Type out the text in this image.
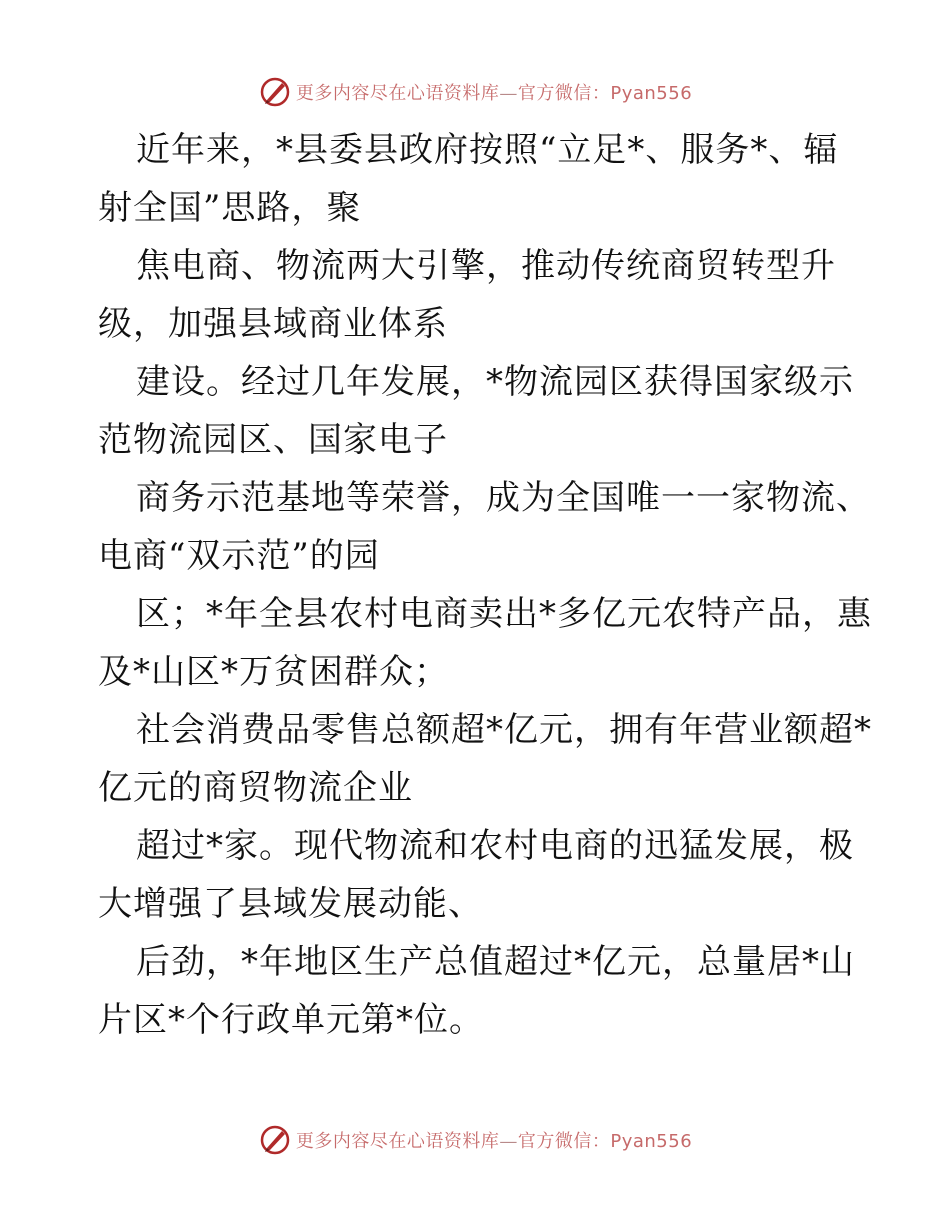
更多内容尽在心语资料库—官方微信：Pyan556
近年来，*县委县政府按照“立足*、服务*、辐
射全国”思路，聚
焦电商、物流两大引擎，推动传统商贸转型升
级，加强县域商业体系
建设。经过几年发展，*物流园区获得国家级示
范物流园区、国家电子
商务示范基地等荣誉，成为全国唯一一家物流、
电商“双示范”的园
区；*年全县农村电商卖出*多亿元农特产品，惠
及*山区*万贫困群众；
社会消费品零售总额超*亿元，拥有年营业额超*
亿元的商贸物流企业
超过*家。现代物流和农村电商的迅猛发展，极
大增强了县域发展动能、
后劲，*年地区生产总值超过*亿元，总量居*山
片区*个行政单元第*位。
更多内容尽在心语资料库—官方微信：Pyan556
